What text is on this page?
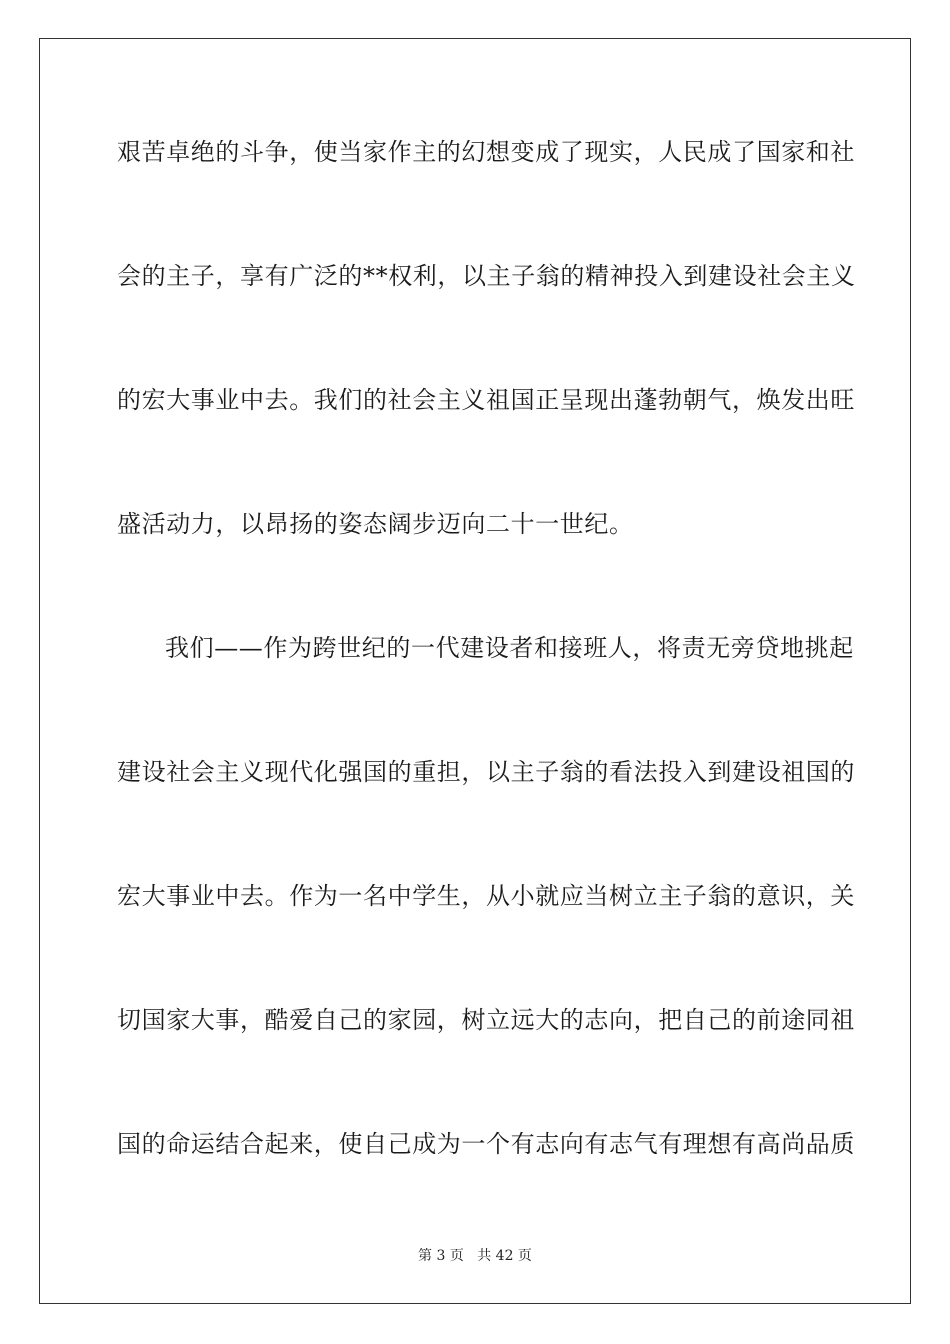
艰苦卓绝的斗争，使当家作主的幻想变成了现实，人民成了国家和社
会的主子，享有广泛的**权利，以主子翁的精神投入到建设社会主义
的宏大事业中去。我们的社会主义祖国正呈现出蓬勃朝气，焕发出旺
盛活动力，以昂扬的姿态阔步迈向二十一世纪。
我们——作为跨世纪的一代建设者和接班人，将责无旁贷地挑起
建设社会主义现代化强国的重担，以主子翁的看法投入到建设祖国的
宏大事业中去。作为一名中学生，从小就应当树立主子翁的意识，关
切国家大事，酷爱自己的家园，树立远大的志向，把自己的前途同祖
国的命运结合起来，使自己成为一个有志向有志气有理想有高尚品质
第 3 页 共 42 页
